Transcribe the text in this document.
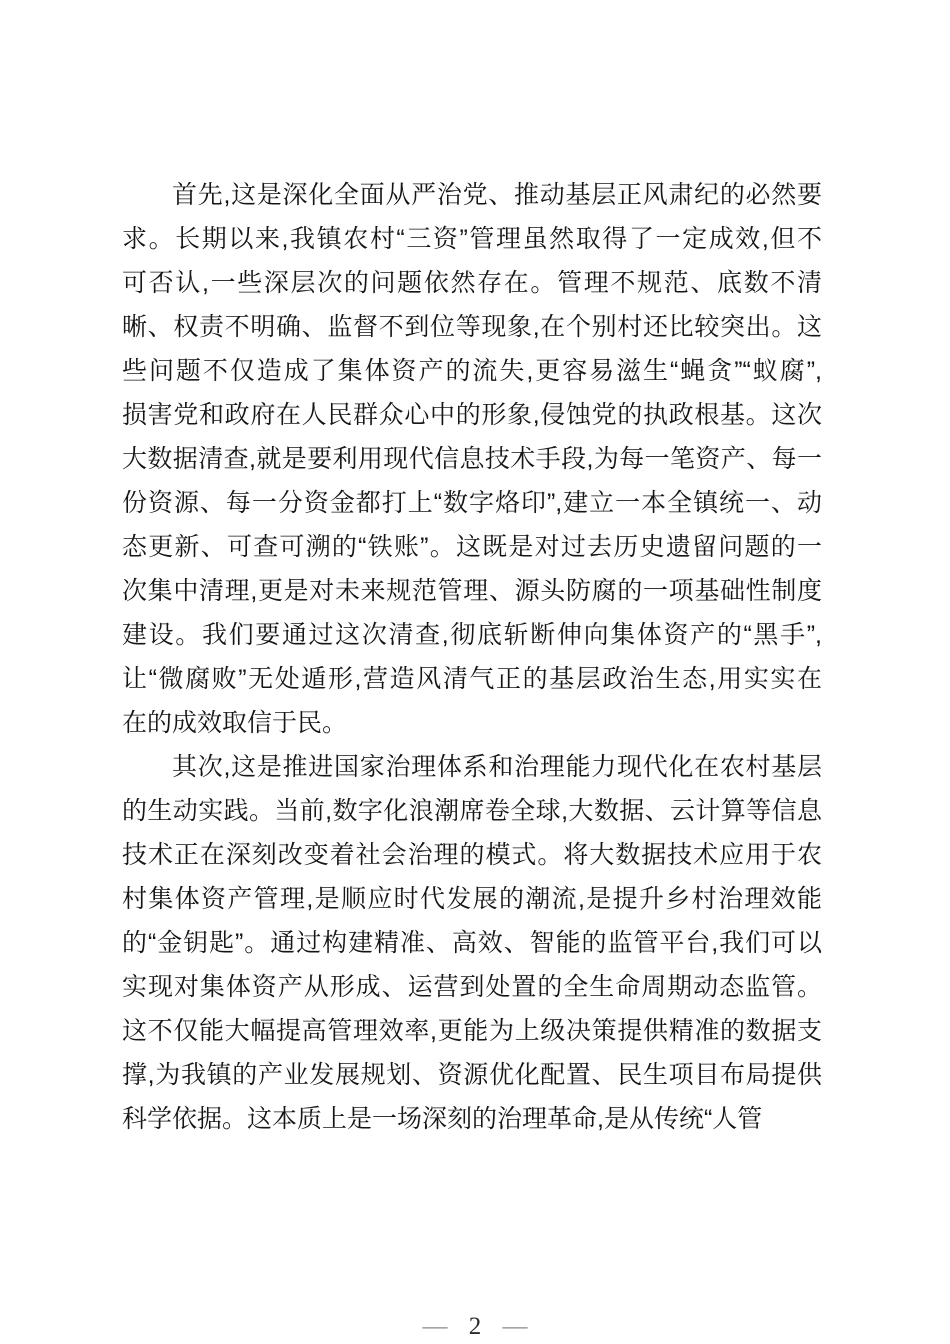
首先,这是深化全面从严治党、推动基层正风肃纪的必然要
求。长期以来,我镇农村“三资”管理虽然取得了一定成效,但不
可否认,一些深层次的问题依然存在。管理不规范、底数不清
晰、权责不明确、监督不到位等现象,在个别村还比较突出。这
些问题不仅造成了集体资产的流失,更容易滋生“蝇贪”“蚁腐”,
损害党和政府在人民群众心中的形象,侵蚀党的执政根基。这次
大数据清查,就是要利用现代信息技术手段,为每一笔资产、每一
份资源、每一分资金都打上“数字烙印”,建立一本全镇统一、动
态更新、可查可溯的“铁账”。这既是对过去历史遗留问题的一
次集中清理,更是对未来规范管理、源头防腐的一项基础性制度
建设。我们要通过这次清查,彻底斩断伸向集体资产的“黑手”,
让“微腐败”无处遁形,营造风清气正的基层政治生态,用实实在
在的成效取信于民。

其次,这是推进国家治理体系和治理能力现代化在农村基层
的生动实践。当前,数字化浪潮席卷全球,大数据、云计算等信息
技术正在深刻改变着社会治理的模式。将大数据技术应用于农
村集体资产管理,是顺应时代发展的潮流,是提升乡村治理效能
的“金钥匙”。通过构建精准、高效、智能的监管平台,我们可以
实现对集体资产从形成、运营到处置的全生命周期动态监管。
这不仅能大幅提高管理效率,更能为上级决策提供精准的数据支
撑,为我镇的产业发展规划、资源优化配置、民生项目布局提供
科学依据。这本质上是一场深刻的治理革命,是从传统“人管

— 2 —
